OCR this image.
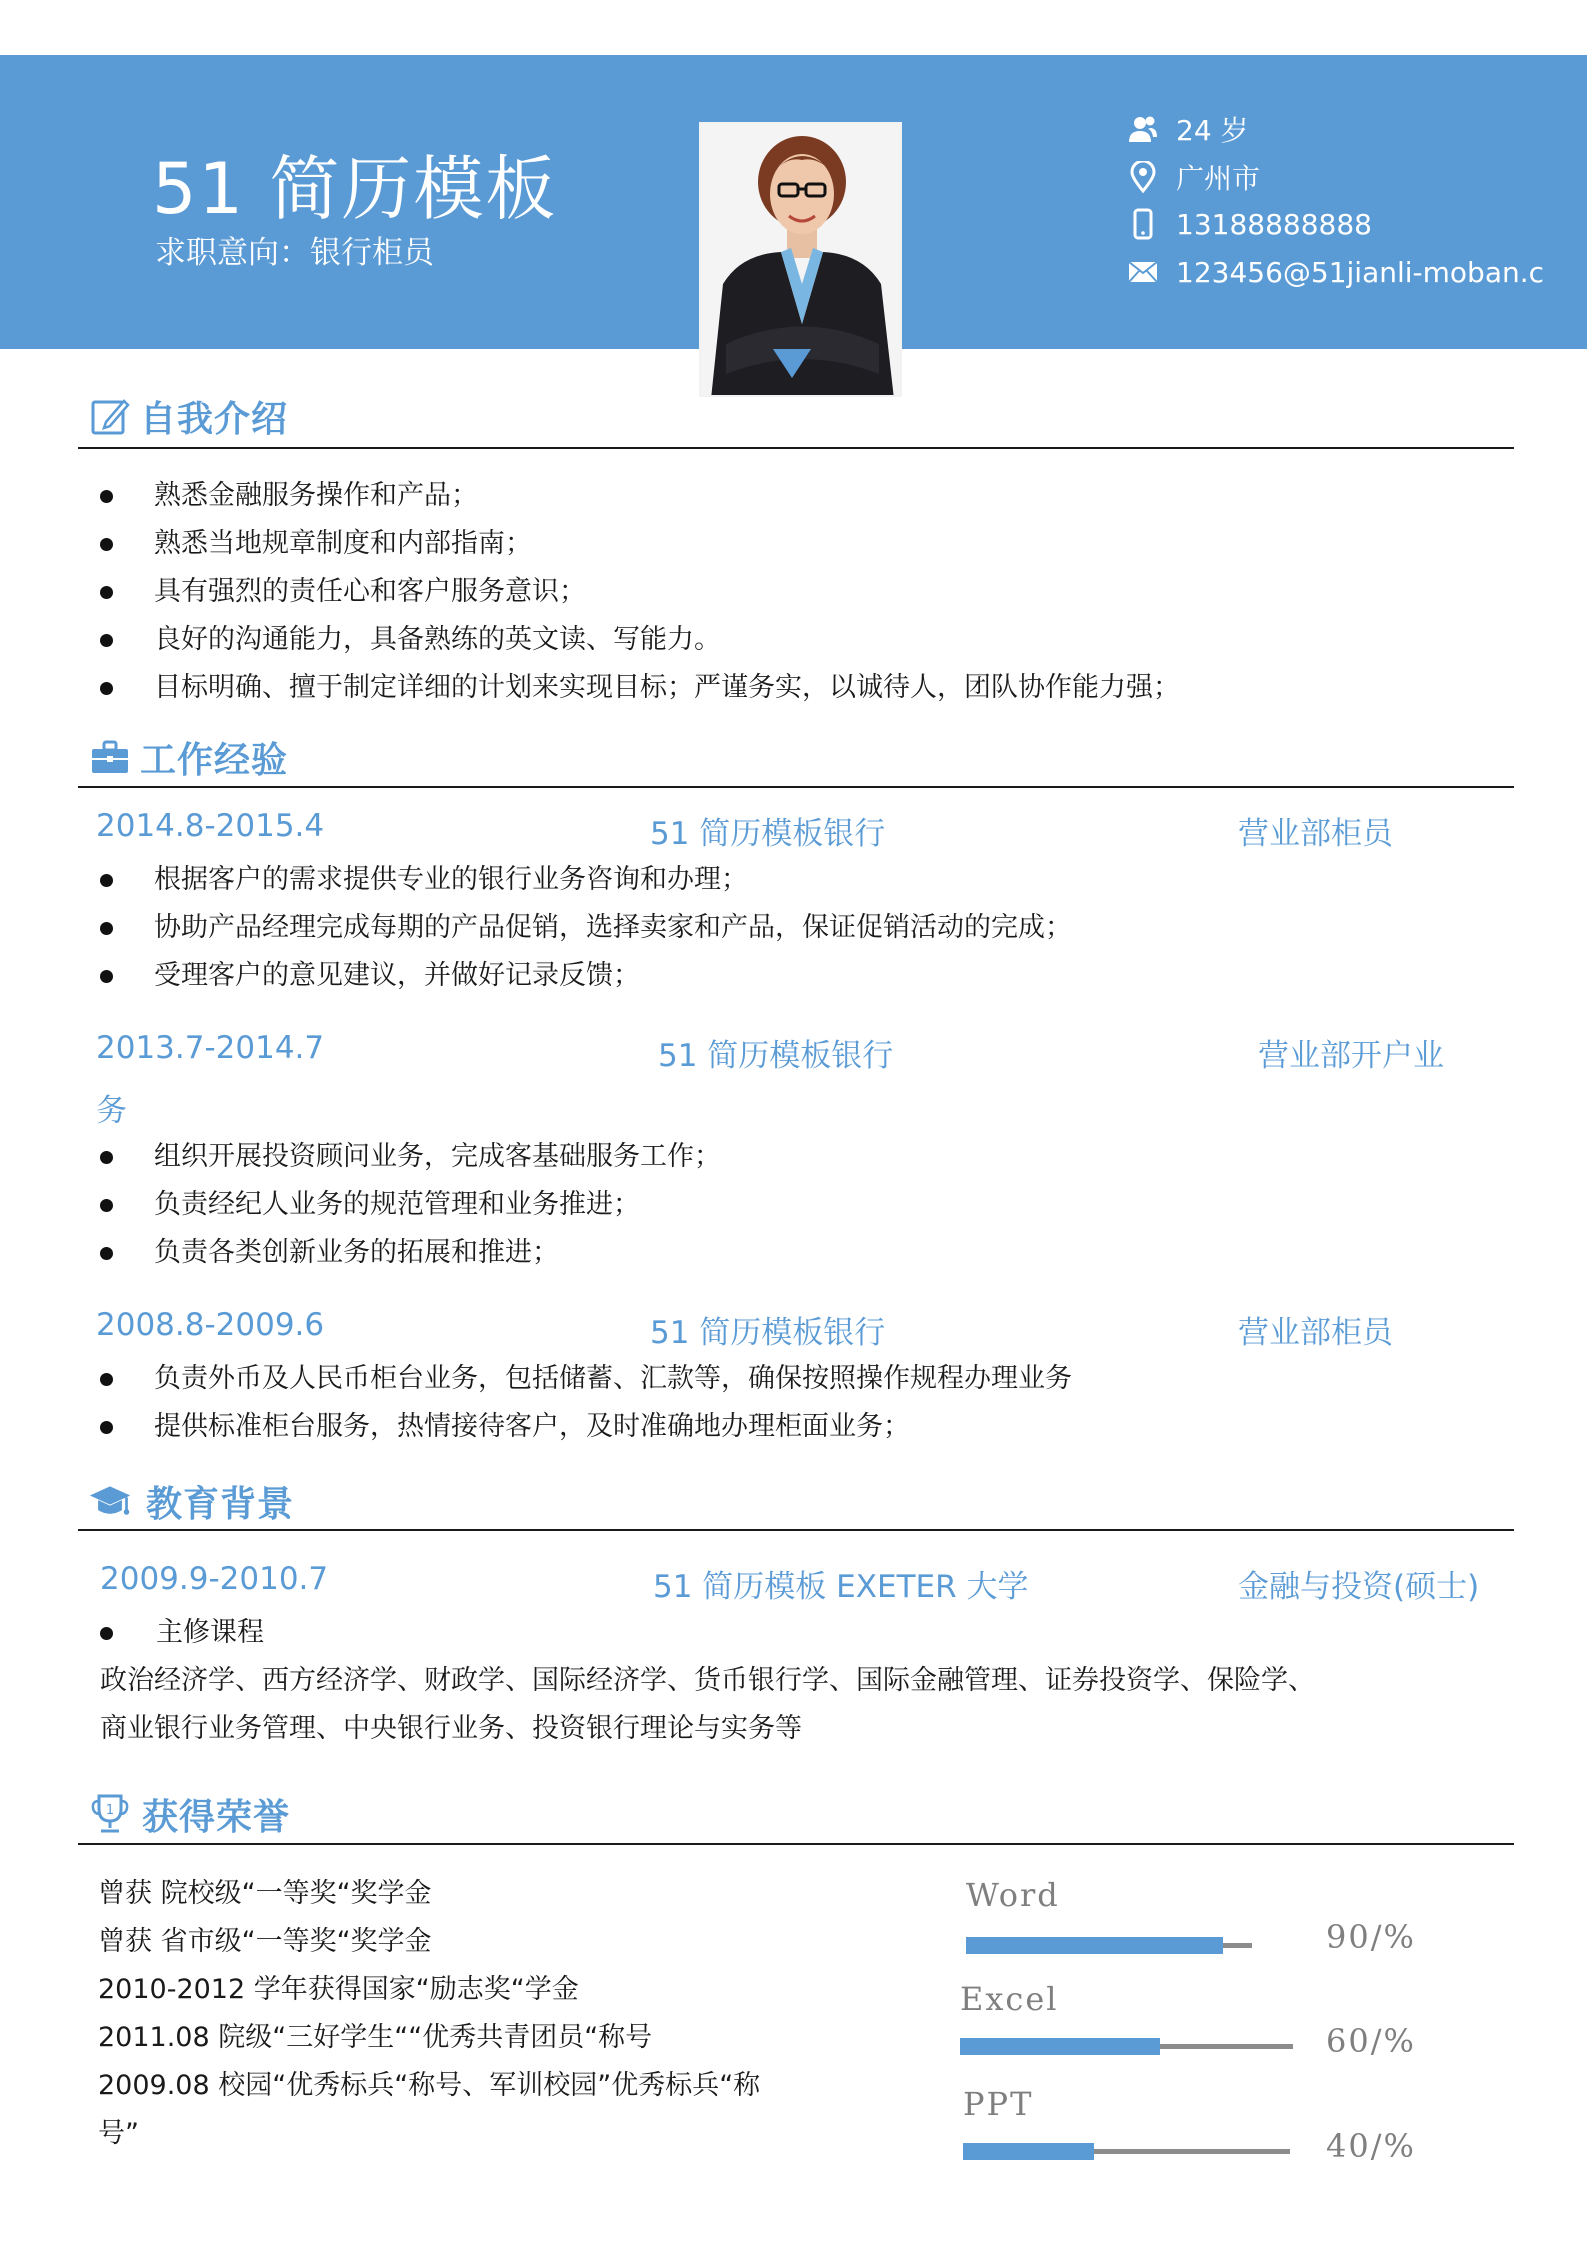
51 简历模板
求职意向：银行柜员
24 岁
广州市
13188888888
123456@51jianli-moban.c
自我介绍
熟悉金融服务操作和产品；
熟悉当地规章制度和内部指南；
具有强烈的责任心和客户服务意识；
良好的沟通能力，具备熟练的英文读、写能力。
目标明确、擅于制定详细的计划来实现目标；严谨务实，以诚待人，团队协作能力强；
工作经验
2014.8-2015.4	51 简历模板银行	营业部柜员
根据客户的需求提供专业的银行业务咨询和办理；
协助产品经理完成每期的产品促销，选择卖家和产品，保证促销活动的完成；
受理客户的意见建议，并做好记录反馈；
2013.7-2014.7	51 简历模板银行	营业部开户业
务
组织开展投资顾问业务，完成客基础服务工作；
负责经纪人业务的规范管理和业务推进；
负责各类创新业务的拓展和推进；
2008.8-2009.6	51 简历模板银行	营业部柜员
负责外币及人民币柜台业务，包括储蓄、汇款等，确保按照操作规程办理业务
提供标准柜台服务，热情接待客户，及时准确地办理柜面业务；
教育背景
2009.9-2010.7	51 简历模板 EXETER 大学	金融与投资(硕士)
主修课程
政治经济学、西方经济学、财政学、国际经济学、货币银行学、国际金融管理、证券投资学、保险学、
商业银行业务管理、中央银行业务、投资银行理论与实务等
1 获得荣誉
曾获 院校级“一等奖“奖学金
曾获 省市级“一等奖“奖学金
2010-2012 学年获得国家“励志奖“学金
2011.08 院级“三好学生““优秀共青团员“称号
2009.08 校园“优秀标兵“称号、军训校园”优秀标兵“称
号”
Word
90/%
Excel
60/%
PPT
40/%
